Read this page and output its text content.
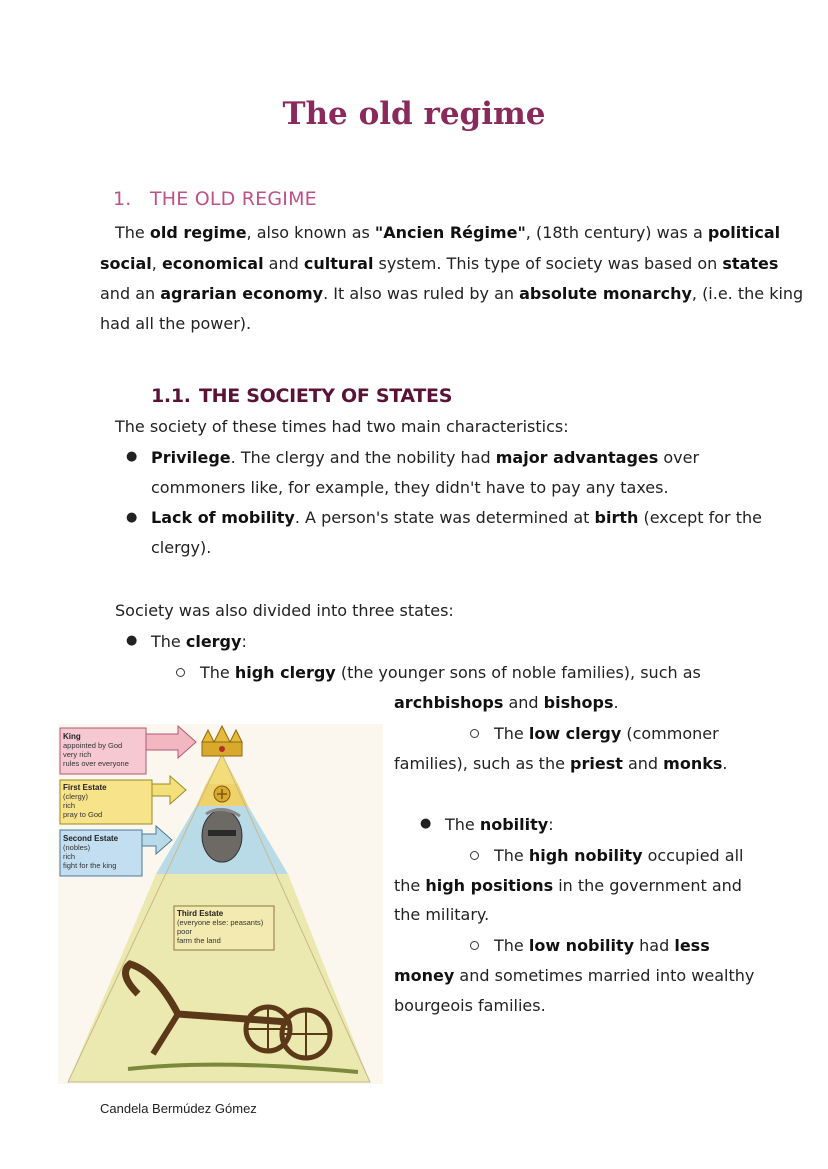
The old regime
1. THE OLD REGIME
The old regime, also known as "Ancien Régime", (18th century) was a political
social, economical and cultural system. This type of society was based on states
and an agrarian economy. It also was ruled by an absolute monarchy, (i.e. the king
had all the power).
1.1. THE SOCIETY OF STATES
The society of these times had two main characteristics:
● Privilege. The clergy and the nobility had major advantages over
commoners like, for example, they didn't have to pay any taxes.
● Lack of mobility. A person's state was determined at birth (except for the
clergy).
Society was also divided into three states:
● The clergy:
The high clergy (the younger sons of noble families), such as
archbishops and bishops.
The low clergy (commoner
families), such as the priest and monks.
● The nobility:
The high nobility occupied all
the high positions in the government and
the military.
The low nobility had less
money and sometimes married into wealthy
bourgeois families.
King
appointed by God
very rich
rules over everyone
First Estate
(clergy)
rich
pray to God
Second Estate
(nobles)
rich
fight for the king
Third Estate
(everyone else: peasants)
poor
farm the land
Candela Bermúdez Gómez
